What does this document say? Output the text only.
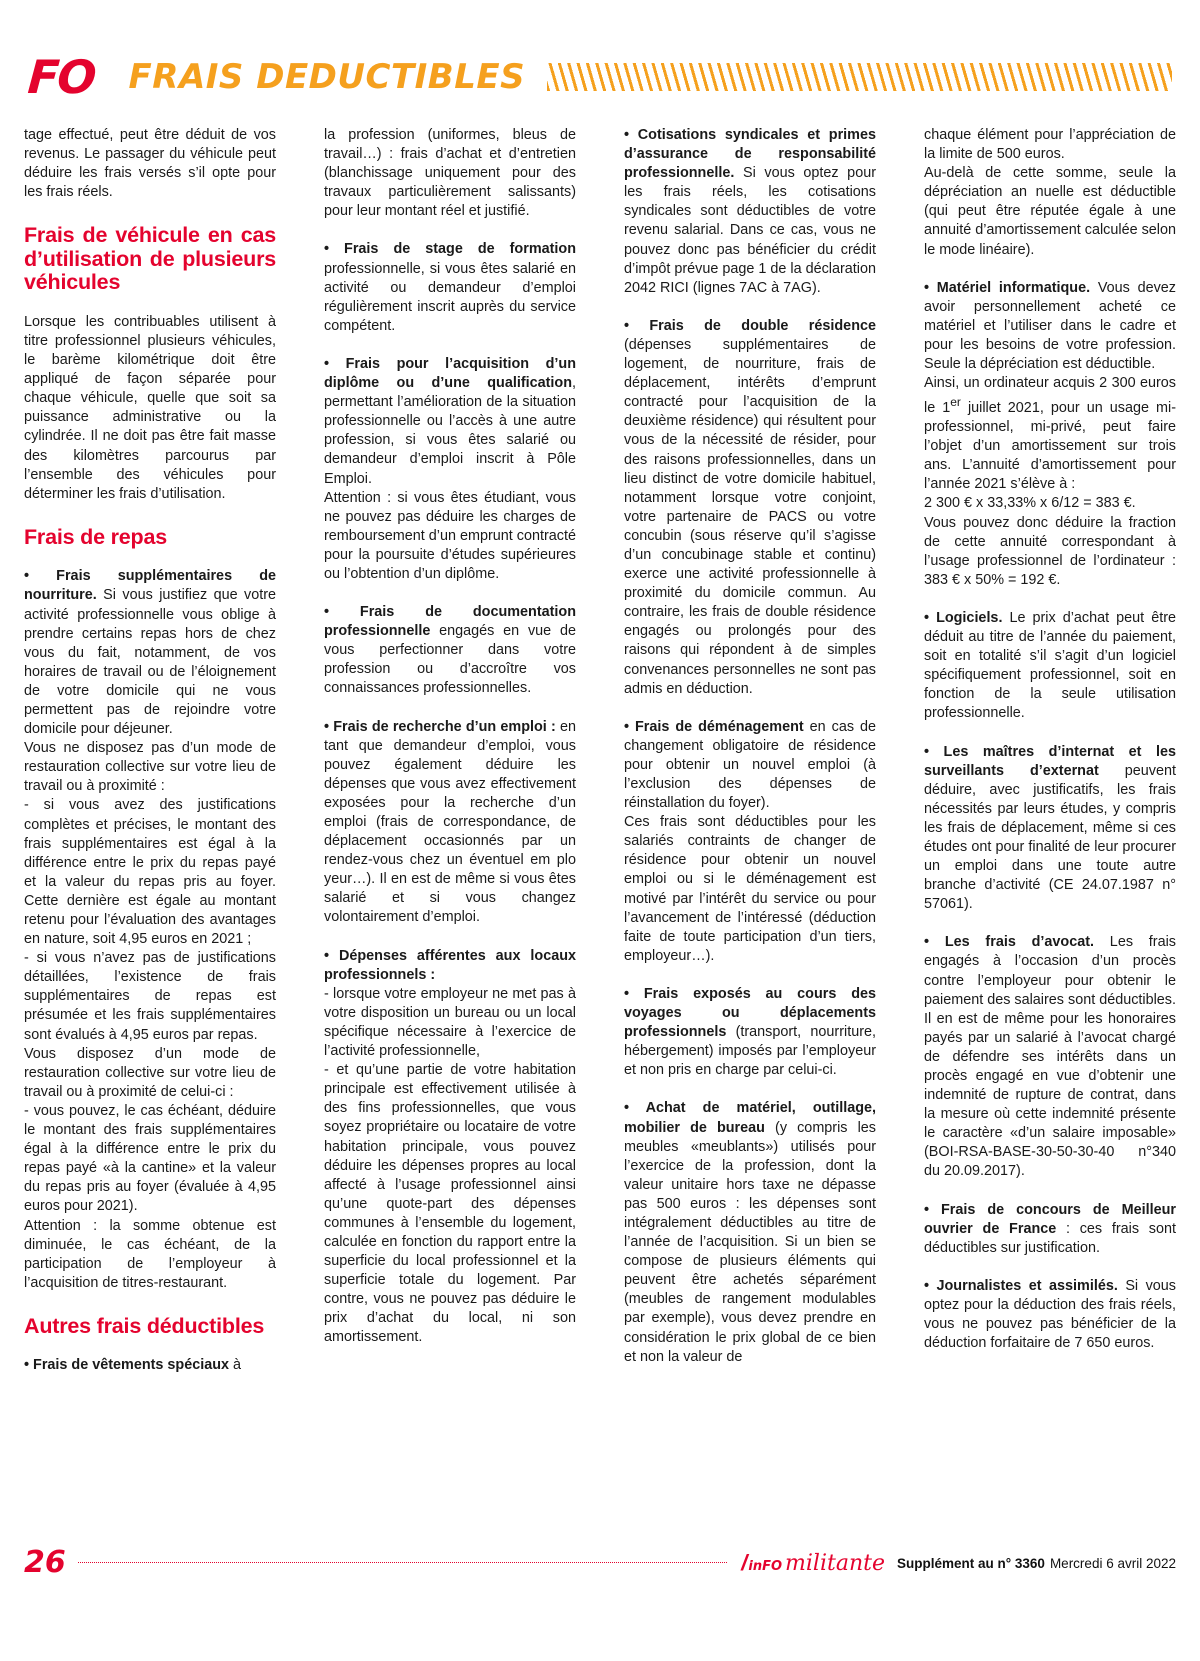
FO FRAIS DEDUCTIBLES

tage effectué, peut être déduit de vos revenus. Le passager du véhicule peut déduire les frais versés s’il opte pour les frais réels.

Frais de véhicule en cas d’utilisation de plusieurs véhicules

Lorsque les contribuables utilisent à titre professionnel plusieurs véhicules, le barème kilométrique doit être appliqué de façon séparée pour chaque véhicule, quelle que soit sa puissance administrative ou la cylindrée. Il ne doit pas être fait masse des kilomètres parcourus par l’ensemble des véhicules pour déterminer les frais d’utilisation.

Frais de repas

• Frais supplémentaires de nourriture. Si vous justifiez que votre activité professionnelle vous oblige à prendre certains repas hors de chez vous du fait, notamment, de vos horaires de travail ou de l’éloignement de votre domicile qui ne vous permettent pas de rejoindre votre domicile pour déjeuner.

Vous ne disposez pas d’un mode de restauration collective sur votre lieu de travail ou à proximité :

- si vous avez des justifications complètes et précises, le montant des frais supplémentaires est égal à la différence entre le prix du repas payé et la valeur du repas pris au foyer. Cette dernière est égale au montant retenu pour l’évaluation des avantages en nature, soit 4,95 euros en 2021 ;

- si vous n’avez pas de justifications détaillées, l’existence de frais supplémentaires de repas est présumée et les frais supplémentaires sont évalués à 4,95 euros par repas.

Vous disposez d’un mode de restauration collective sur votre lieu de travail ou à proximité de celui-ci :

- vous pouvez, le cas échéant, déduire le montant des frais supplémentaires égal à la différence entre le prix du repas payé «à la cantine» et la valeur du repas pris au foyer (évaluée à 4,95 euros pour 2021).

Attention : la somme obtenue est diminuée, le cas échéant, de la participation de l’employeur à l’acquisition de titres-restaurant.

Autres frais déductibles

• Frais de vêtements spéciaux à

la profession (uniformes, bleus de travail…) : frais d’achat et d’entretien (blanchissage uniquement pour des travaux particulièrement salissants) pour leur montant réel et justifié.

• Frais de stage de formation professionnelle, si vous êtes salarié en activité ou demandeur d’emploi régulièrement inscrit auprès du service compétent.

• Frais pour l’acquisition d’un diplôme ou d’une qualification, permettant l’amélioration de la situation professionnelle ou l’accès à une autre profession, si vous êtes salarié ou demandeur d’emploi inscrit à Pôle Emploi.

Attention : si vous êtes étudiant, vous ne pouvez pas déduire les charges de remboursement d’un emprunt contracté pour la poursuite d’études supérieures ou l’obtention d’un diplôme.

• Frais de documentation professionnelle engagés en vue de vous perfectionner dans votre profession ou d’accroître vos connaissances professionnelles.

• Frais de recherche d’un emploi : en tant que demandeur d’emploi, vous pouvez également déduire les dépenses que vous avez effectivement exposées pour la recherche d’un emploi (frais de correspondance, de déplacement occasionnés par un rendez-vous chez un éventuel em plo yeur…). Il en est de même si vous êtes salarié et si vous changez volontairement d’emploi.

• Dépenses afférentes aux locaux professionnels :

- lorsque votre employeur ne met pas à votre disposition un bureau ou un local spécifique nécessaire à l’exercice de l’activité professionnelle,

- et qu’une partie de votre habitation principale est effectivement utilisée à des fins professionnelles, que vous soyez propriétaire ou locataire de votre habitation principale, vous pouvez déduire les dépenses propres au local affecté à l’usage professionnel ainsi qu’une quote-part des dépenses communes à l’ensemble du logement, calculée en fonction du rapport entre la superficie du local professionnel et la superficie totale du logement. Par contre, vous ne pouvez pas déduire le prix d’achat du local, ni son amortissement.

• Cotisations syndicales et primes d’assurance de responsabilité professionnelle. Si vous optez pour les frais réels, les cotisations syndicales sont déductibles de votre revenu salarial. Dans ce cas, vous ne pouvez donc pas bénéficier du crédit d’impôt prévue page 1 de la déclaration 2042 RICI (lignes 7AC à 7AG).

• Frais de double résidence (dépenses supplémentaires de logement, de nourriture, frais de déplacement, intérêts d’emprunt contracté pour l’acquisition de la deuxième résidence) qui résultent pour vous de la nécessité de résider, pour des raisons professionnelles, dans un lieu distinct de votre domicile habituel, notamment lorsque votre conjoint, votre partenaire de PACS ou votre concubin (sous réserve qu’il s’agisse d’un concubinage stable et continu) exerce une activité professionnelle à proximité du domicile commun. Au contraire, les frais de double résidence engagés ou prolongés pour des raisons qui répondent à de simples convenances personnelles ne sont pas admis en déduction.

• Frais de déménagement en cas de changement obligatoire de résidence pour obtenir un nouvel emploi (à l’exclusion des dépenses de réinstallation du foyer).

Ces frais sont déductibles pour les salariés contraints de changer de résidence pour obtenir un nouvel emploi ou si le déménagement est motivé par l’intérêt du service ou pour l’avancement de l’intéressé (déduction faite de toute participation d’un tiers, employeur…).

• Frais exposés au cours des voyages ou déplacements professionnels (transport, nourriture, hébergement) imposés par l’employeur et non pris en charge par celui-ci.

• Achat de matériel, outillage, mobilier de bureau (y compris les meubles «meublants») utilisés pour l’exercice de la profession, dont la valeur unitaire hors taxe ne dépasse pas 500 euros : les dépenses sont intégralement déductibles au titre de l’année de l’acquisition. Si un bien se compose de plusieurs éléments qui peuvent être achetés séparément (meubles de rangement modulables par exemple), vous devez prendre en considération le prix global de ce bien et non la valeur de

chaque élément pour l’appréciation de la limite de 500 euros.

Au-delà de cette somme, seule la dépréciation an nuelle est déductible (qui peut être réputée égale à une annuité d’amortissement calculée selon le mode linéaire).

• Matériel informatique. Vous devez avoir personnellement acheté ce matériel et l’utiliser dans le cadre et pour les besoins de votre profession. Seule la dépréciation est déductible.

Ainsi, un ordinateur acquis 2 300 euros le 1er juillet 2021, pour un usage mi-professionnel, mi-privé, peut faire l’objet d’un amortissement sur trois ans. L’annuité d’amortissement pour l’année 2021 s’élève à :

2 300 € x 33,33% x 6/12 = 383 €.

Vous pouvez donc déduire la fraction de cette annuité correspondant à l’usage professionnel de l’ordinateur : 383 € x 50% = 192 €.

• Logiciels. Le prix d’achat peut être déduit au titre de l’année du paiement, soit en totalité s’il s’agit d’un logiciel spécifiquement professionnel, soit en fonction de la seule utilisation professionnelle.

• Les maîtres d’internat et les surveillants d’externat peuvent déduire, avec justificatifs, les frais nécessités par leurs études, y compris les frais de déplacement, même si ces études ont pour finalité de leur procurer un emploi dans une toute autre branche d’activité (CE 24.07.1987 n° 57061).

• Les frais d’avocat. Les frais engagés à l’occasion d’un procès contre l’employeur pour obtenir le paiement des salaires sont déductibles. Il en est de même pour les honoraires payés par un salarié à l’avocat chargé de défendre ses intérêts dans un procès engagé en vue d’obtenir une indemnité de rupture de contrat, dans la mesure où cette indemnité présente le caractère «d’un salaire imposable» (BOI-RSA-BASE-30-50-30-40 n°340 du 20.09.2017).

• Frais de concours de Meilleur ouvrier de France : ces frais sont déductibles sur justification.

• Journalistes et assimilés. Si vous optez pour la déduction des frais réels, vous ne pouvez pas bénéficier de la déduction forfaitaire de 7 650 euros.

26	/ inFO militante Supplément au n° 3360 Mercredi 6 avril 2022
